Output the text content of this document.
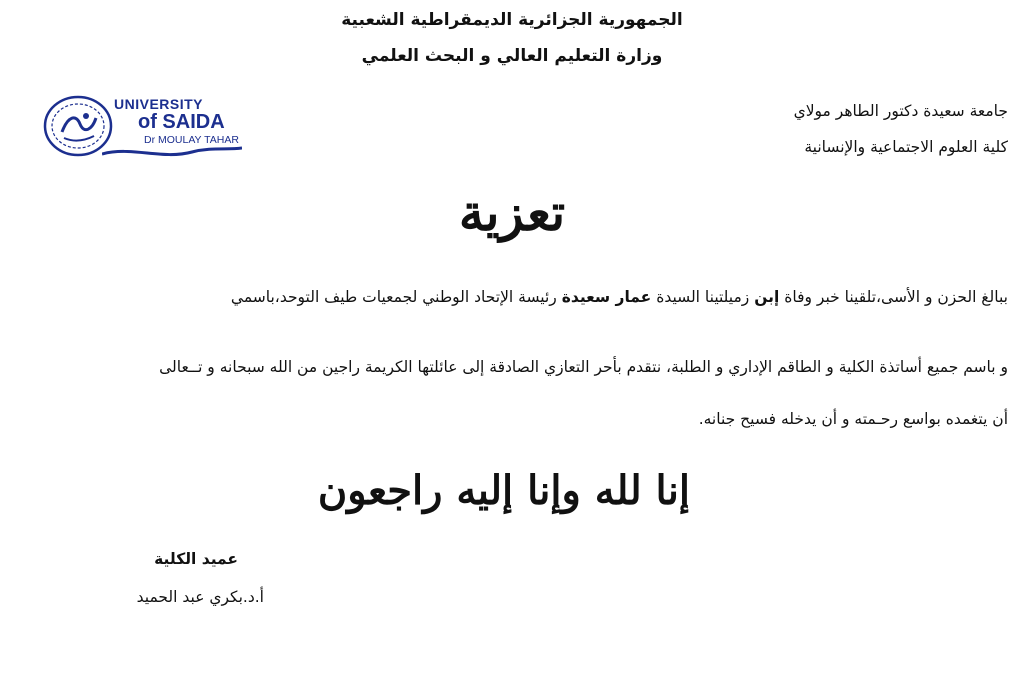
الجمهورية الجزائرية الديمقراطية الشعبية
وزارة التعليم العالي و البحث العلمي
جامعة سعيدة دكتور الطاهر مولاي
كلية العلوم الاجتماعية والإنسانية
UNIVERSITY
of SAIDA
Dr MOULAY TAHAR
تعزية
ببالغ الحزن و الأسى،تلقينا خبر وفاة إبن زميلتينا السيدة عمار سعيدة رئيسة الإتحاد الوطني لجمعيات طيف التوحد،باسمي
و باسم جميع أساتذة الكلية و الطاقم الإداري و الطلبة، نتقدم بأحر التعازي الصادقة إلى عائلتها الكريمة راجين من الله سبحانه و تــعالى
أن يتغمده بواسع رحـمته و أن يدخله فسيح جنانه.
إنا لله وإنا إليه راجعون
عميد الكلية
أ.د.بكري عبد الحميد
